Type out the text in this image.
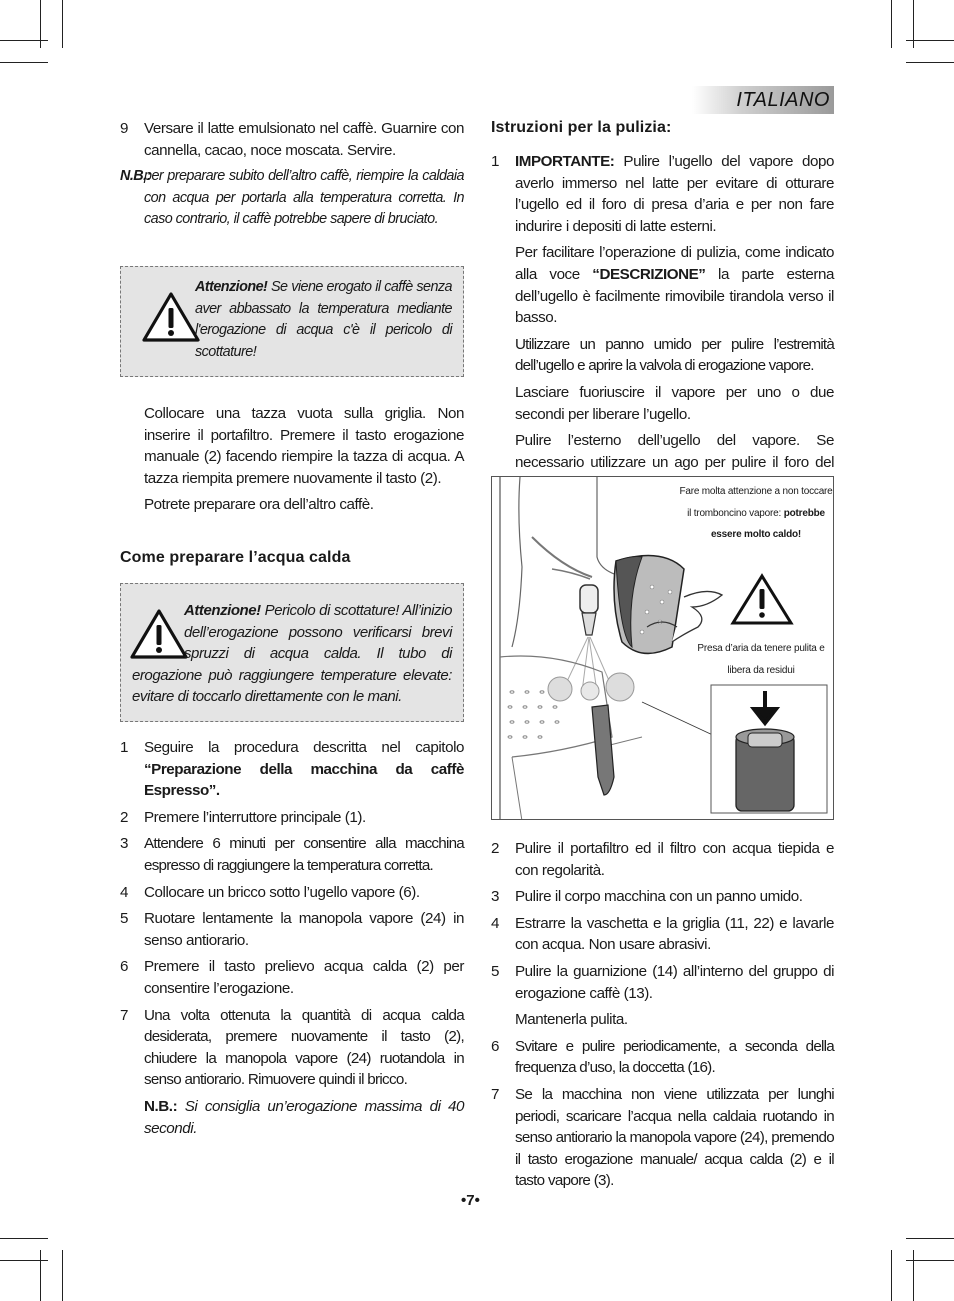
ITALIANO
9 Versare il latte emulsionato nel caffè. Guarnire con cannella, cacao, noce moscata. Servire.

N.B.:

per preparare subito dell’altro caffè, riempire la caldaia con acqua per portarla alla temperatura corretta. In caso contrario, il caffè potrebbe sapere di bruciato.

Attenzione! Se viene erogato il caffè senza aver abbassato la temperatura mediante l'erogazione di acqua c'è il pericolo di scottature!

Collocare una tazza vuota sulla griglia. Non inserire il portafiltro. Premere il tasto erogazione manuale (2) facendo riempire la tazza di acqua. A tazza riempita premere nuovamente il tasto (2).

Potrete preparare ora dell’altro caffè.

Come preparare l’acqua calda

Attenzione! Pericolo di scottature! All’inizio dell’erogazione possono verificarsi brevi spruzzi di acqua calda. Il tubo di erogazione può raggiungere temperature elevate: evitare di toccarlo direttamente con le mani.

1 Seguire la procedura descritta nel capitolo “Preparazione della macchina da caffè Espresso”.

2 Premere l’interruttore principale (1).

3 Attendere 6 minuti per consentire alla macchina espresso di raggiungere la temperatura corretta.

4 Collocare un bricco sotto l’ugello vapore (6).

5 Ruotare lentamente la manopola vapore (24) in senso antiorario.

6 Premere il tasto prelievo acqua calda (2) per consentire l’erogazione.

7 Una volta ottenuta la quantità di acqua calda desiderata, premere nuovamente il tasto (2), chiudere la manopola vapore (24) ruotandola in senso antiorario. Rimuovere quindi il bricco.

N.B.: Si consiglia un’erogazione massima di 40 secondi.

Istruzioni per la pulizia:
1 IMPORTANTE: Pulire l’ugello del vapore dopo averlo immerso nel latte per evitare di otturare l’ugello ed il foro di presa d’aria e per non fare indurire i depositi di latte esterni.

Per facilitare l’operazione di pulizia, come indicato alla voce “DESCRIZIONE” la parte esterna dell’ugello è facilmente rimovibile tirandola verso il basso.

Utilizzare un panno umido per pulire l’estremità dell’ugello e aprire la valvola di erogazione vapore.

Lasciare fuoriuscire il vapore per uno o due secondi per liberare l’ugello.

Pulire l’esterno dell’ugello del vapore. Se necessario utilizzare un ago per pulire il foro del

Fare molta attenzione a non toccare
il tromboncino vapore: potrebbe essere molto caldo!
Presa d’aria da tenere pulita e libera da residui
2 Pulire il portafiltro ed il filtro con acqua tiepida e con regolarità.

3 Pulire il corpo macchina con un panno umido.

4 Estrarre la vaschetta e la griglia (11, 22) e lavarle con acqua. Non usare abrasivi.

5 Pulire la guarnizione (14) all’interno del gruppo di erogazione caffè (13).

Mantenerla pulita.

6 Svitare e pulire periodicamente, a seconda della frequenza d’uso, la doccetta (16).

7 Se la macchina non viene utilizzata per lunghi periodi, scaricare l’acqua nella caldaia ruotando in senso antiorario la manopola vapore (24), premendo il tasto erogazione manuale/ acqua calda (2) e il tasto vapore (3).

•7•
